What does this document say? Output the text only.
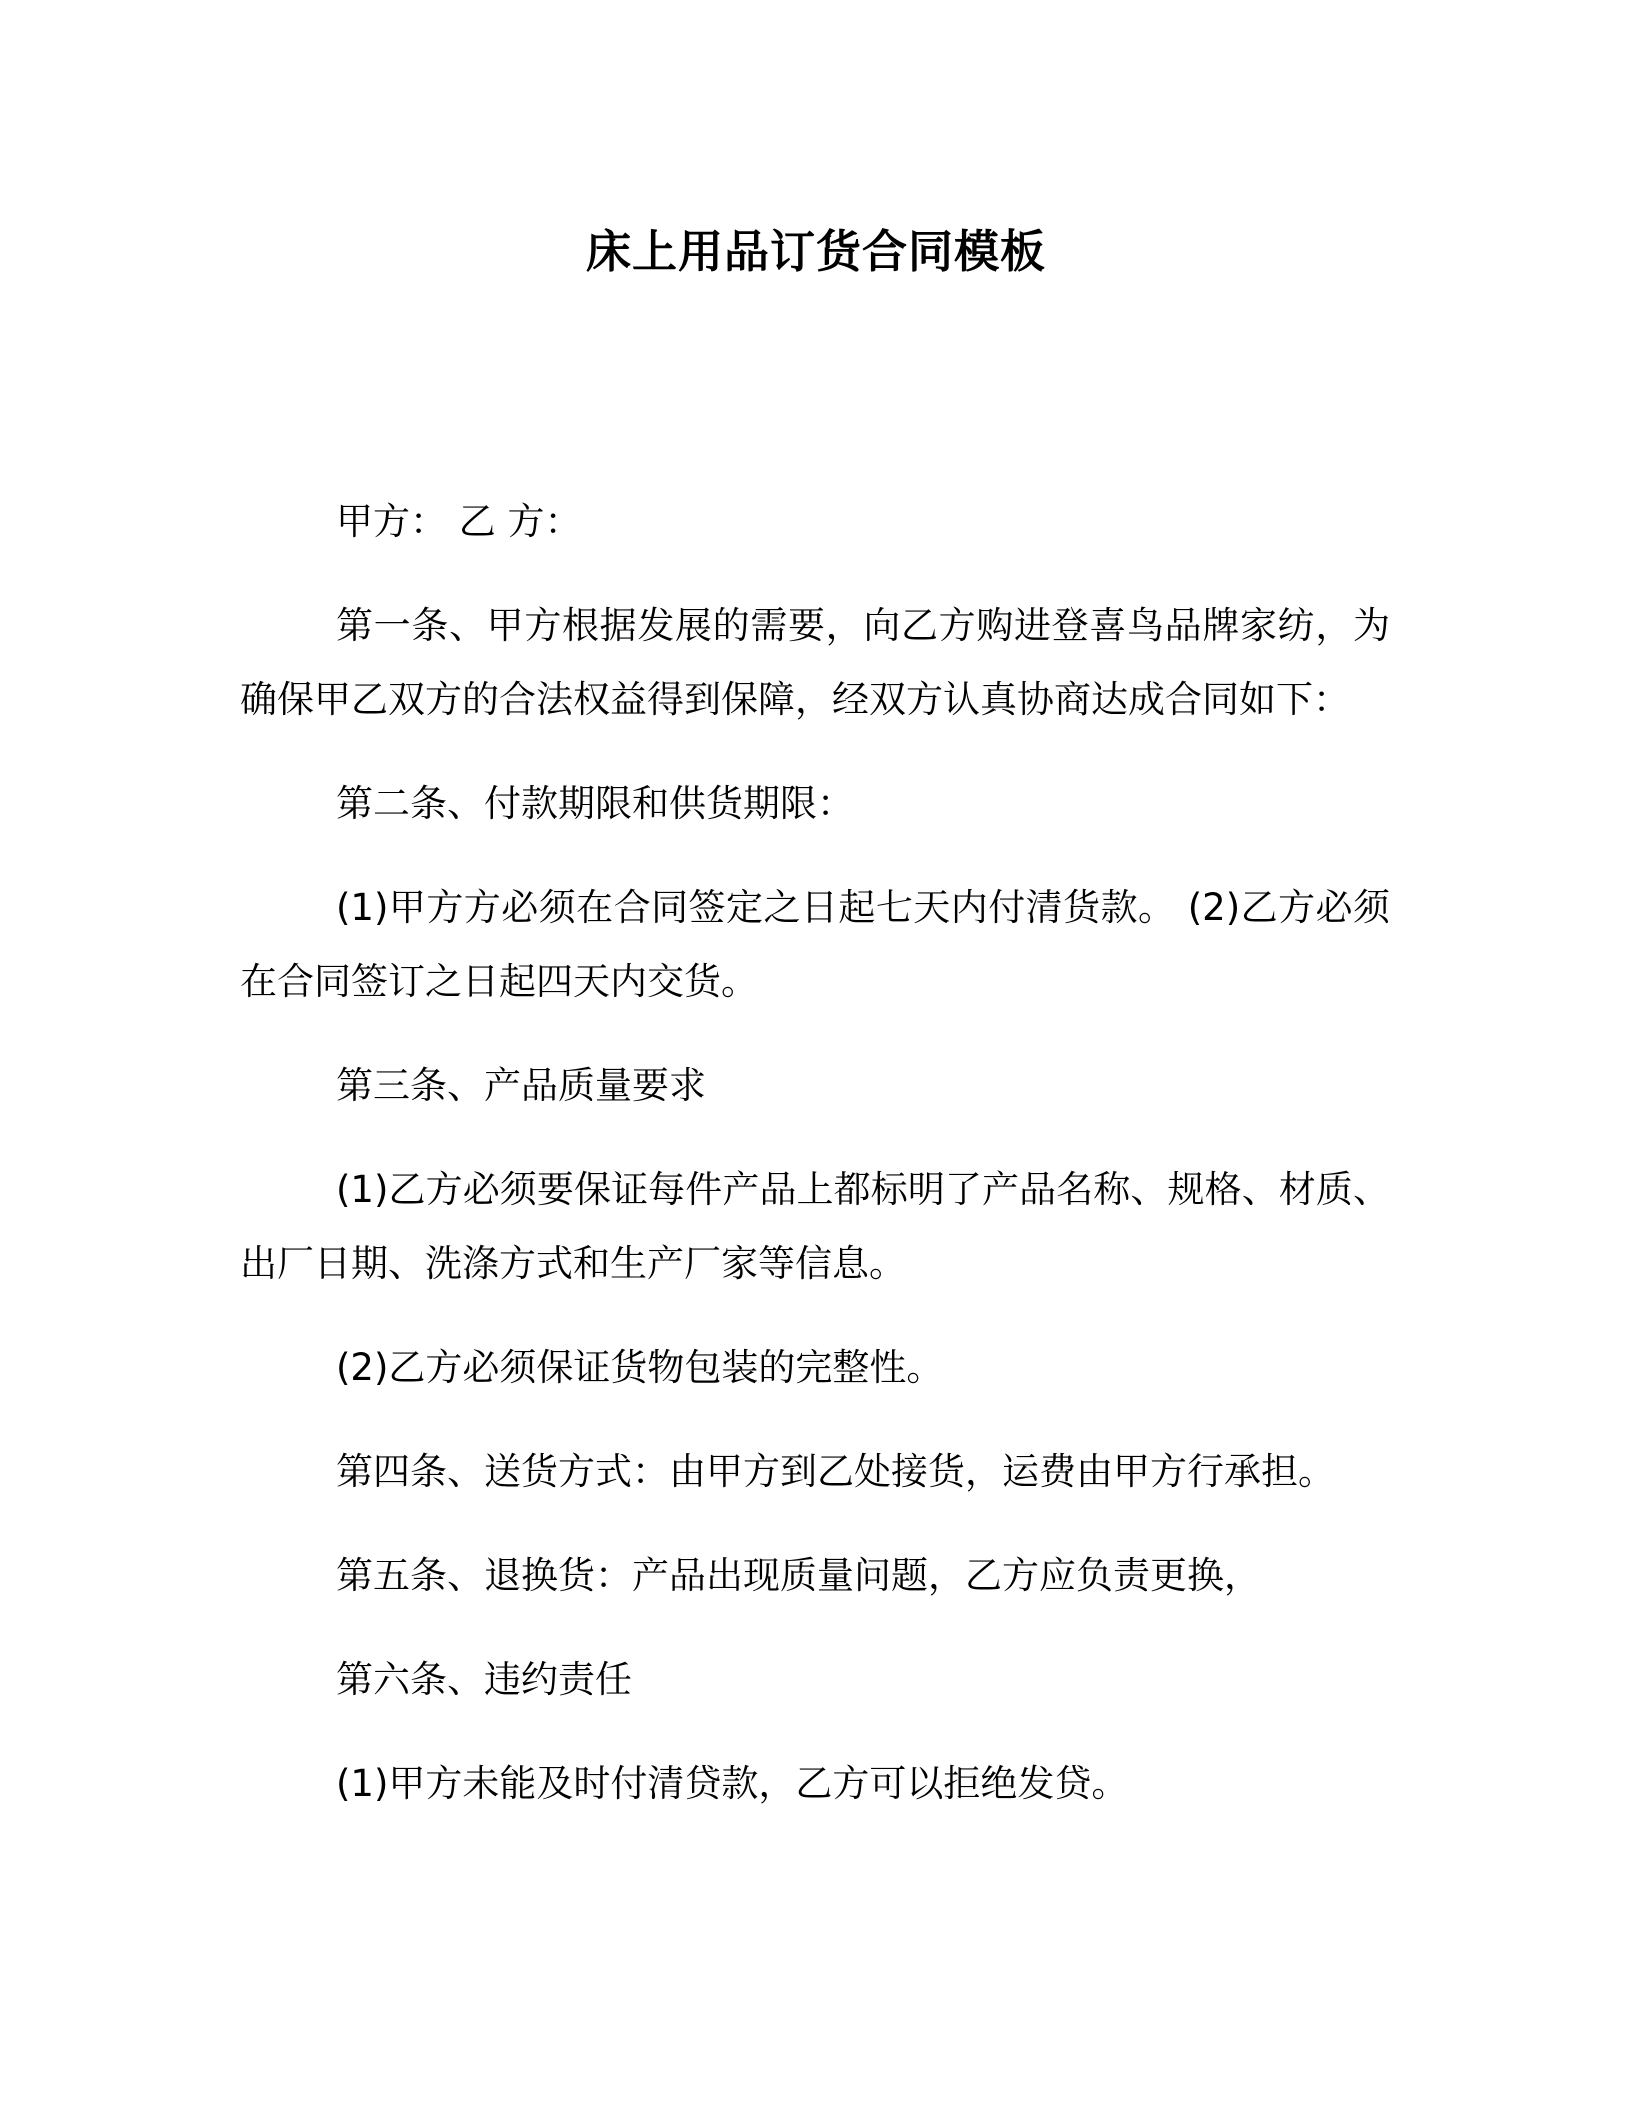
床上用品订货合同模板

甲方： 乙 方：

第一条、甲方根据发展的需要，向乙方购进登喜鸟品牌家纺，为确保甲乙双方的合法权益得到保障，经双方认真协商达成合同如下：

第二条、付款期限和供货期限：

(1)甲方方必须在合同签定之日起七天内付清货款。 (2)乙方必须在合同签订之日起四天内交货。

第三条、产品质量要求

(1)乙方必须要保证每件产品上都标明了产品名称、规格、材质、出厂日期、洗涤方式和生产厂家等信息。

(2)乙方必须保证货物包装的完整性。

第四条、送货方式：由甲方到乙处接货，运费由甲方行承担。

第五条、退换货：产品出现质量问题，乙方应负责更换，

第六条、违约责任

(1)甲方未能及时付清贷款，乙方可以拒绝发贷。
